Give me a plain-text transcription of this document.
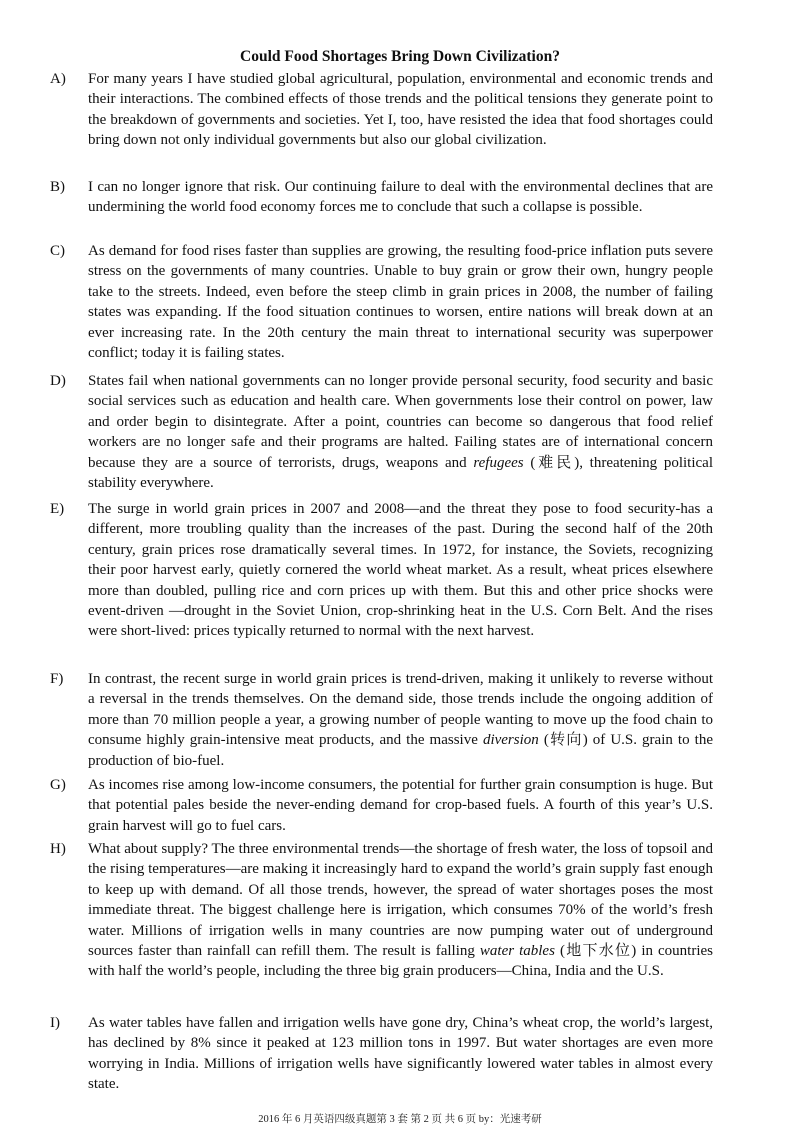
Could Food Shortages Bring Down Civilization?
A) For many years I have studied global agricultural, population, environmental and economic trends and their interactions. The combined effects of those trends and the political tensions they generate point to the breakdown of governments and societies. Yet I, too, have resisted the idea that food shortages could bring down not only individual governments but also our global civilization.

B) I can no longer ignore that risk. Our continuing failure to deal with the environmental declines that are undermining the world food economy forces me to conclude that such a collapse is possible.

C) As demand for food rises faster than supplies are growing, the resulting food-price inflation puts severe stress on the governments of many countries. Unable to buy grain or grow their own, hungry people take to the streets. Indeed, even before the steep climb in grain prices in 2008, the number of failing states was expanding. If the food situation continues to worsen, entire nations will break down at an ever increasing rate. In the 20th century the main threat to international security was superpower conflict; today it is failing states.

D) States fail when national governments can no longer provide personal security, food security and basic social services such as education and health care. When governments lose their control on power, law and order begin to disintegrate. After a point, countries can become so dangerous that food relief workers are no longer safe and their programs are halted. Failing states are of international concern because they are a source of terrorists, drugs, weapons and refugees (难民), threatening political stability everywhere.

E) The surge in world grain prices in 2007 and 2008—and the threat they pose to food security-has a different, more troubling quality than the increases of the past. During the second half of the 20th century, grain prices rose dramatically several times. In 1972, for instance, the Soviets, recognizing their poor harvest early, quietly cornered the world wheat market. As a result, wheat prices elsewhere more than doubled, pulling rice and corn prices up with them. But this and other price shocks were event-driven —drought in the Soviet Union, crop-shrinking heat in the U.S. Corn Belt. And the rises were short-lived: prices typically returned to normal with the next harvest.

F) In contrast, the recent surge in world grain prices is trend-driven, making it unlikely to reverse without a reversal in the trends themselves. On the demand side, those trends include the ongoing addition of more than 70 million people a year, a growing number of people wanting to move up the food chain to consume highly grain-intensive meat products, and the massive diversion (转向) of U.S. grain to the production of bio-fuel.

G) As incomes rise among low-income consumers, the potential for further grain consumption is huge. But that potential pales beside the never-ending demand for crop-based fuels. A fourth of this year’s U.S. grain harvest will go to fuel cars.

H) What about supply? The three environmental trends—the shortage of fresh water, the loss of topsoil and the rising temperatures—are making it increasingly hard to expand the world’s grain supply fast enough to keep up with demand. Of all those trends, however, the spread of water shortages poses the most immediate threat. The biggest challenge here is irrigation, which consumes 70% of the world’s fresh water. Millions of irrigation wells in many countries are now pumping water out of underground sources faster than rainfall can refill them. The result is falling water tables (地下水位) in countries with half the world’s people, including the three big grain producers—China, India and the U.S.

I) As water tables have fallen and irrigation wells have gone dry, China’s wheat crop, the world’s largest, has declined by 8% since it peaked at 123 million tons in 1997. But water shortages are even more worrying in India. Millions of irrigation wells have significantly lowered water tables in almost every state.

2016 年 6 月英语四级真题第 3 套 第 2 页 共 6 页 by：光速考研
